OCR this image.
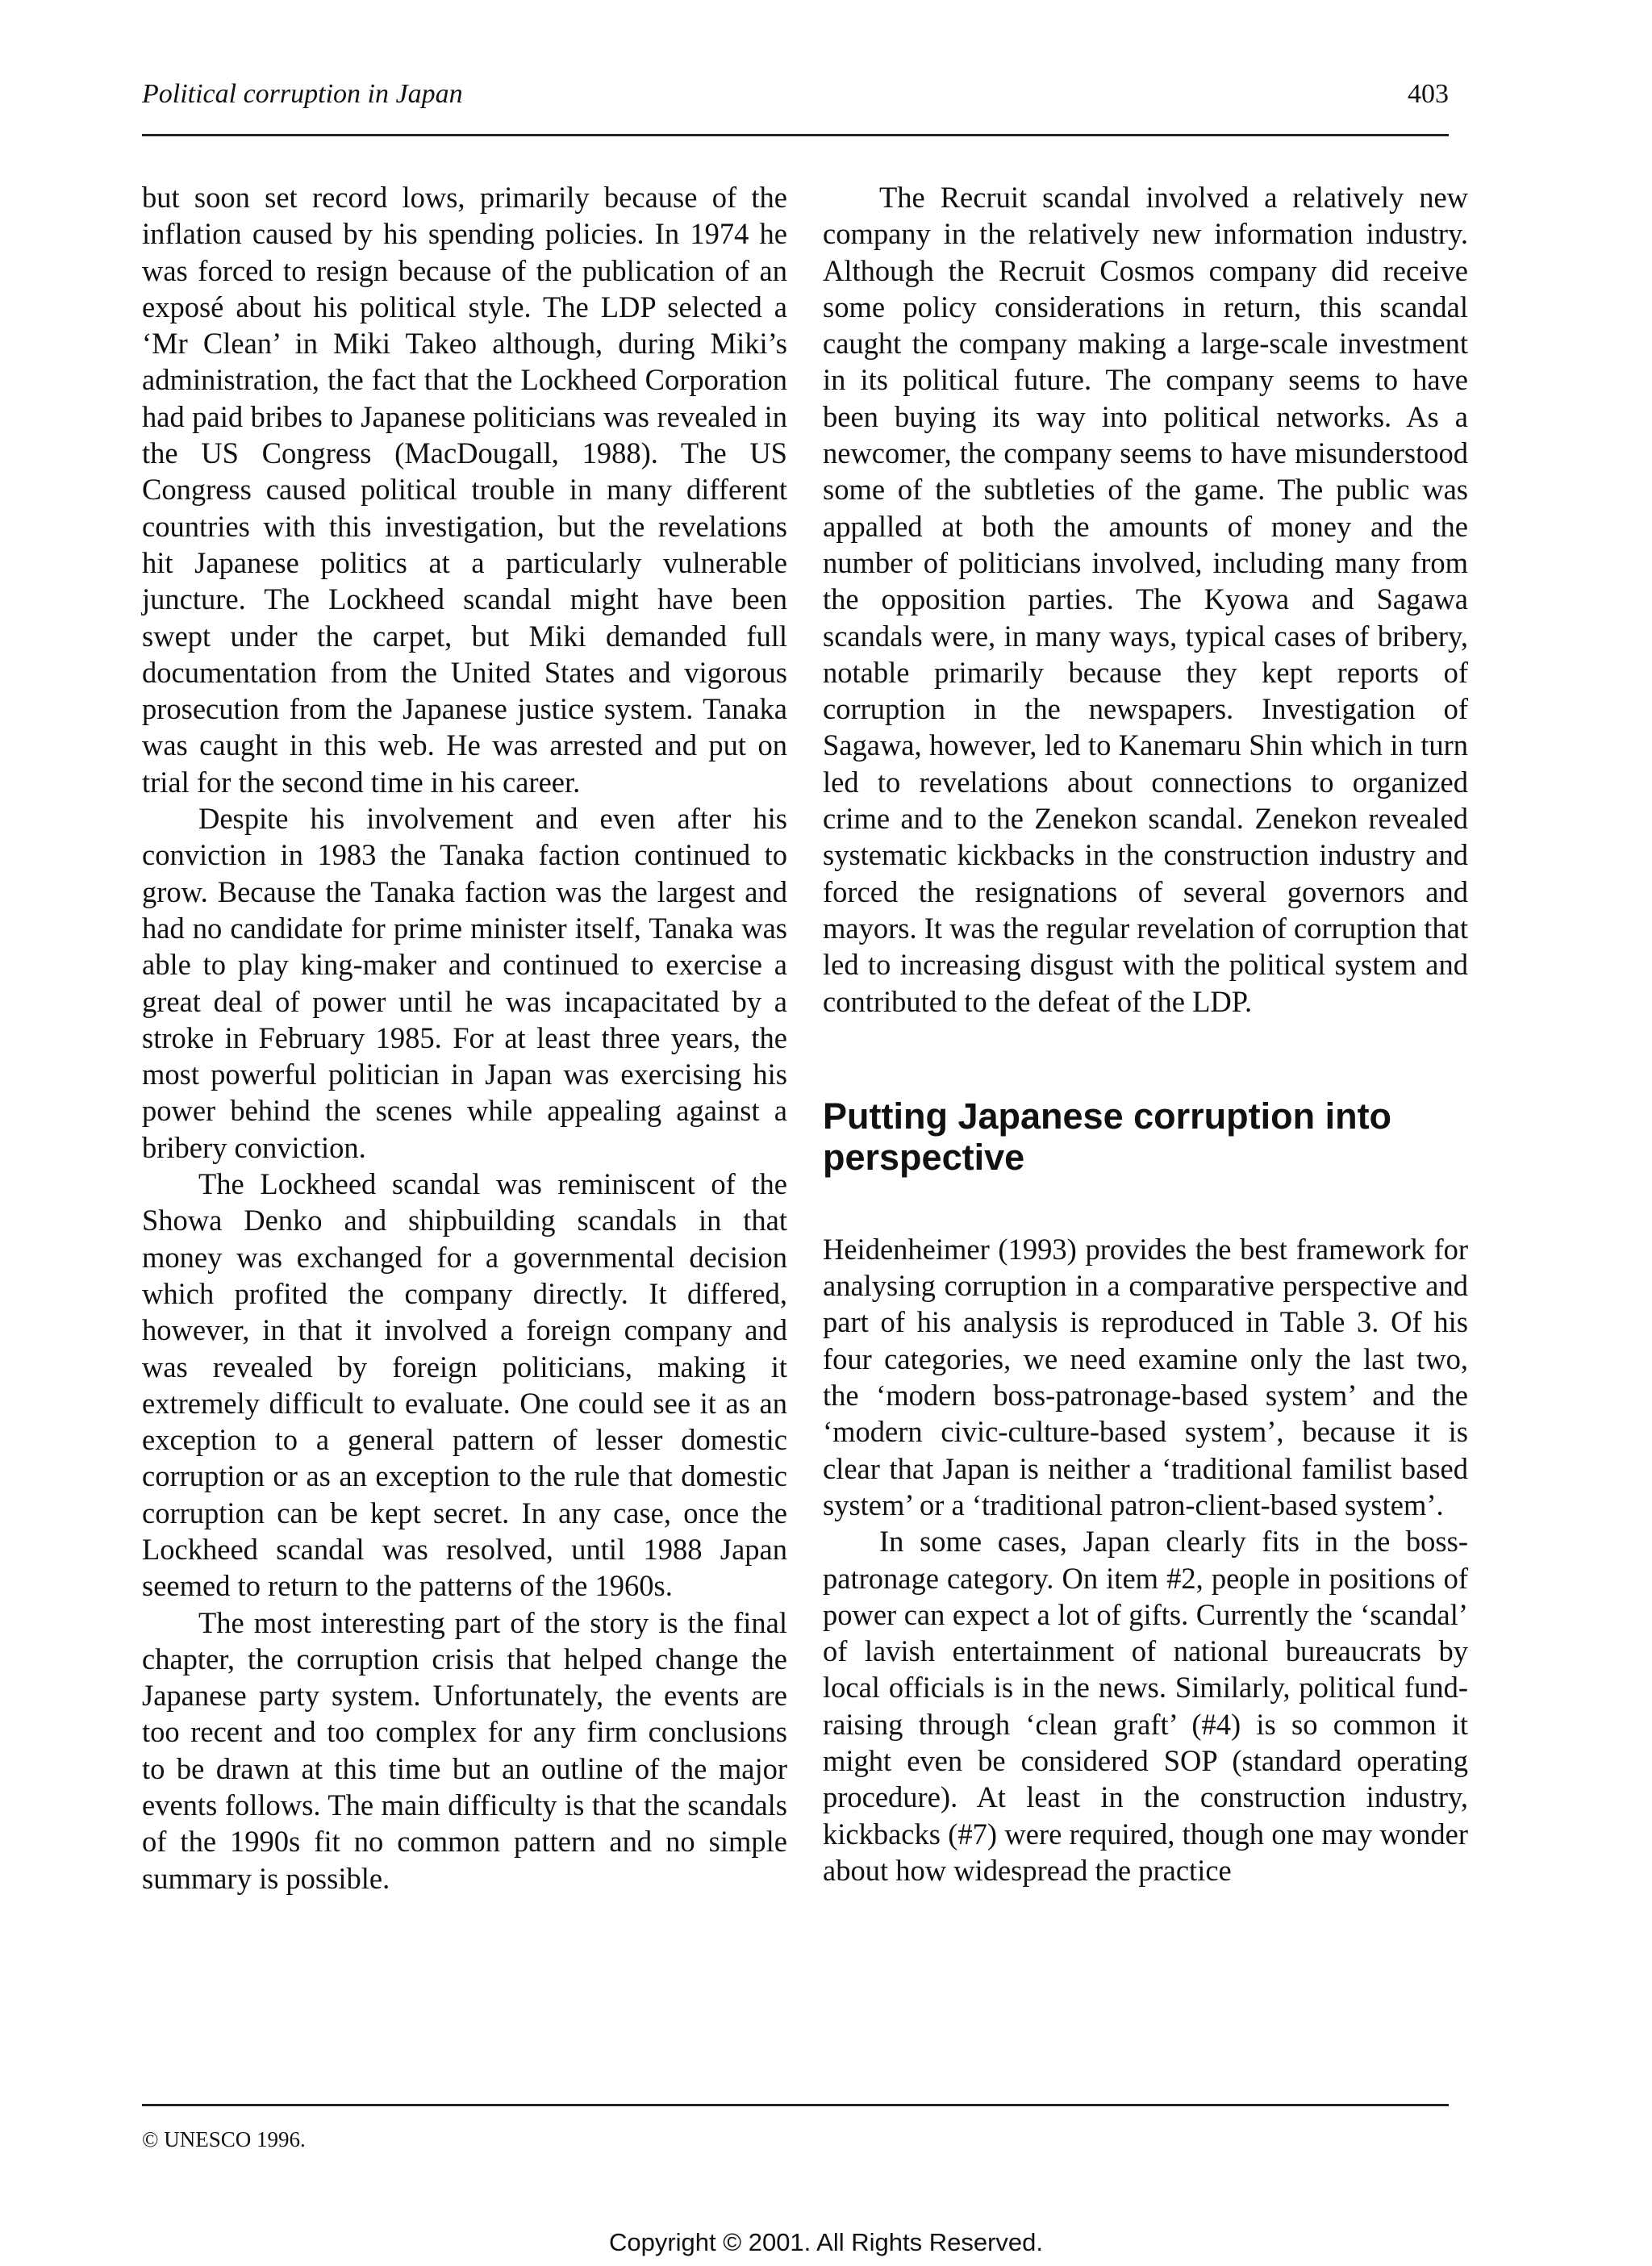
Political corruption in Japan	403

but soon set record lows, primarily because of the inflation caused by his spending policies. In 1974 he was forced to resign because of the publication of an exposé about his political style. The LDP selected a ‘Mr Clean’ in Miki Takeo although, during Miki’s administration, the fact that the Lockheed Corporation had paid bribes to Japanese politicians was revealed in the US Congress (MacDougall, 1988). The US Congress caused political trouble in many different countries with this investigation, but the revelations hit Japanese politics at a particularly vulnerable juncture. The Lockheed scandal might have been swept under the carpet, but Miki demanded full documentation from the United States and vigorous prosecution from the Japanese justice system. Tanaka was caught in this web. He was arrested and put on trial for the second time in his career.

Despite his involvement and even after his conviction in 1983 the Tanaka faction continued to grow. Because the Tanaka faction was the largest and had no candidate for prime minister itself, Tanaka was able to play king-maker and continued to exercise a great deal of power until he was incapacitated by a stroke in February 1985. For at least three years, the most powerful politician in Japan was exercising his power behind the scenes while appealing against a bribery conviction.

The Lockheed scandal was reminiscent of the Showa Denko and shipbuilding scandals in that money was exchanged for a governmental decision which profited the company directly. It differed, however, in that it involved a foreign company and was revealed by foreign politicians, making it extremely difficult to evaluate. One could see it as an exception to a general pattern of lesser domestic corruption or as an exception to the rule that domestic corruption can be kept secret. In any case, once the Lockheed scandal was resolved, until 1988 Japan seemed to return to the patterns of the 1960s.

The most interesting part of the story is the final chapter, the corruption crisis that helped change the Japanese party system. Unfortunately, the events are too recent and too complex for any firm conclusions to be drawn at this time but an outline of the major events follows. The main difficulty is that the scandals of the 1990s fit no common pattern and no simple summary is possible.

The Recruit scandal involved a relatively new company in the relatively new information industry. Although the Recruit Cosmos company did receive some policy considerations in return, this scandal caught the company making a large-scale investment in its political future. The company seems to have been buying its way into political networks. As a newcomer, the company seems to have misunderstood some of the subtleties of the game. The public was appalled at both the amounts of money and the number of politicians involved, including many from the opposition parties. The Kyowa and Sagawa scandals were, in many ways, typical cases of bribery, notable primarily because they kept reports of corruption in the newspapers. Investigation of Sagawa, however, led to Kanemaru Shin which in turn led to revelations about connections to organized crime and to the Zenekon scandal. Zenekon revealed systematic kickbacks in the construction industry and forced the resignations of several governors and mayors. It was the regular revelation of corruption that led to increasing disgust with the political system and contributed to the defeat of the LDP.

Putting Japanese corruption into perspective

Heidenheimer (1993) provides the best framework for analysing corruption in a comparative perspective and part of his analysis is reproduced in Table 3. Of his four categories, we need examine only the last two, the ‘modern boss-patronage-based system’ and the ‘modern civic-culture-based system’, because it is clear that Japan is neither a ‘traditional familist based system’ or a ‘traditional patron-client-based system’.

In some cases, Japan clearly fits in the boss-patronage category. On item #2, people in positions of power can expect a lot of gifts. Currently the ‘scandal’ of lavish entertainment of national bureaucrats by local officials is in the news. Similarly, political fund-raising through ‘clean graft’ (#4) is so common it might even be considered SOP (standard operating procedure). At least in the construction industry, kickbacks (#7) were required, though one may wonder about how widespread the practice

© UNESCO 1996.
Copyright © 2001. All Rights Reserved.
